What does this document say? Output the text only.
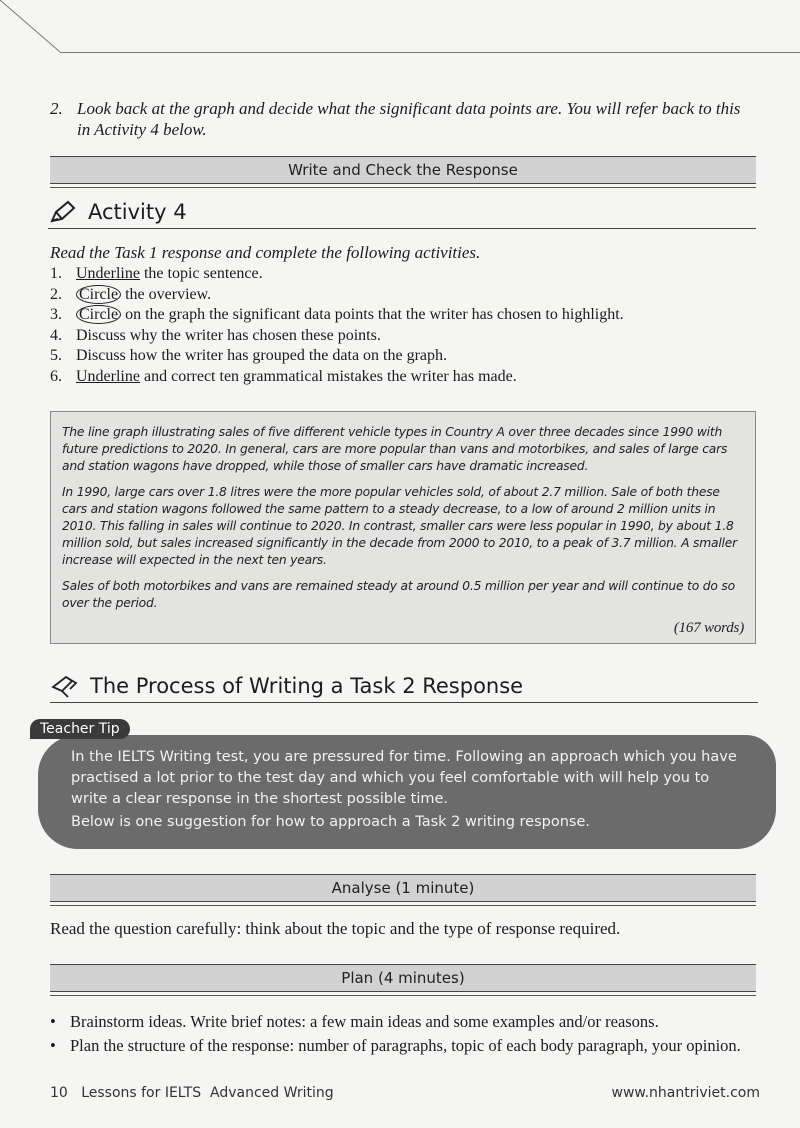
2. Look back at the graph and decide what the significant data points are. You will refer back to this in Activity 4 below.
Write and Check the Response
Activity 4
Read the Task 1 response and complete the following activities.
1. Underline the topic sentence.
2. Circle the overview.
3. Circle on the graph the significant data points that the writer has chosen to highlight.
4. Discuss why the writer has chosen these points.
5. Discuss how the writer has grouped the data on the graph.
6. Underline and correct ten grammatical mistakes the writer has made.

The line graph illustrating sales of five different vehicle types in Country A over three decades since 1990 with future predictions to 2020. In general, cars are more popular than vans and motorbikes, and sales of large cars and station wagons have dropped, while those of smaller cars have dramatic increased.

In 1990, large cars over 1.8 litres were the more popular vehicles sold, of about 2.7 million. Sale of both these cars and station wagons followed the same pattern to a steady decrease, to a low of around 2 million units in 2010. This falling in sales will continue to 2020. In contrast, smaller cars were less popular in 1990, by about 1.8 million sold, but sales increased significantly in the decade from 2000 to 2010, to a peak of 3.7 million. A smaller increase will expected in the next ten years.

Sales of both motorbikes and vans are remained steady at around 0.5 million per year and will continue to do so over the period.

(167 words)
The Process of Writing a Task 2 Response
Teacher Tip

In the IELTS Writing test, you are pressured for time. Following an approach which you have practised a lot prior to the test day and which you feel comfortable with will help you to write a clear response in the shortest possible time.

Below is one suggestion for how to approach a Task 2 writing response.

Analyse (1 minute)
Read the question carefully: think about the topic and the type of response required.
Plan (4 minutes)
• Brainstorm ideas. Write brief notes: a few main ideas and some examples and/or reasons.
• Plan the structure of the response: number of paragraphs, topic of each body paragraph, your opinion.
10 Lessons for IELTS  Advanced Writing	www.nhantriviet.com
